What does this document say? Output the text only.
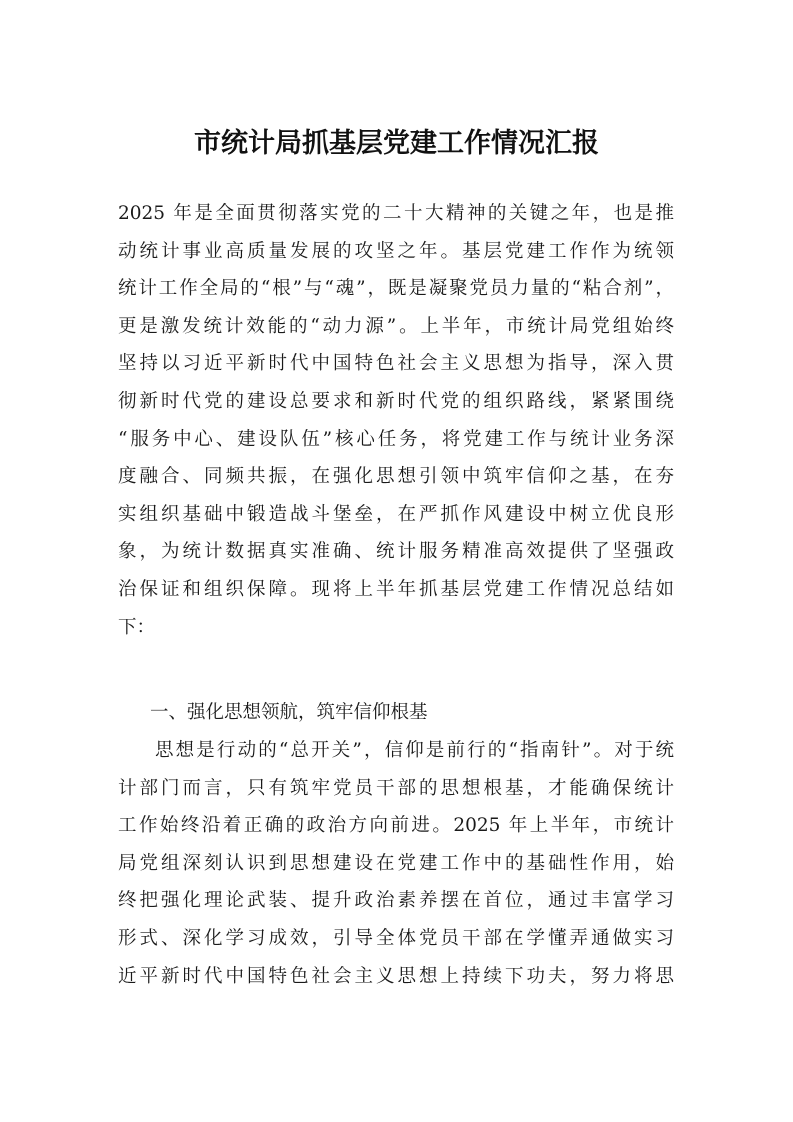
市统计局抓基层党建工作情况汇报
2025 年是全面贯彻落实党的二十大精神的关键之年，也是推
动统计事业高质量发展的攻坚之年。基层党建工作作为统领
统计工作全局的“根”与“魂”，既是凝聚党员力量的“粘合剂”，
更是激发统计效能的“动力源”。上半年，市统计局党组始终
坚持以习近平新时代中国特色社会主义思想为指导，深入贯
彻新时代党的建设总要求和新时代党的组织路线，紧紧围绕
“服务中心、建设队伍”核心任务，将党建工作与统计业务深
度融合、同频共振，在强化思想引领中筑牢信仰之基，在夯
实组织基础中锻造战斗堡垒，在严抓作风建设中树立优良形
象，为统计数据真实准确、统计服务精准高效提供了坚强政
治保证和组织保障。现将上半年抓基层党建工作情况总结如
下：
一、强化思想领航，筑牢信仰根基
思想是行动的“总开关”，信仰是前行的“指南针”。对于统
计部门而言，只有筑牢党员干部的思想根基，才能确保统计
工作始终沿着正确的政治方向前进。2025 年上半年，市统计
局党组深刻认识到思想建设在党建工作中的基础性作用，始
终把强化理论武装、提升政治素养摆在首位，通过丰富学习
形式、深化学习成效，引导全体党员干部在学懂弄通做实习
近平新时代中国特色社会主义思想上持续下功夫，努力将思
